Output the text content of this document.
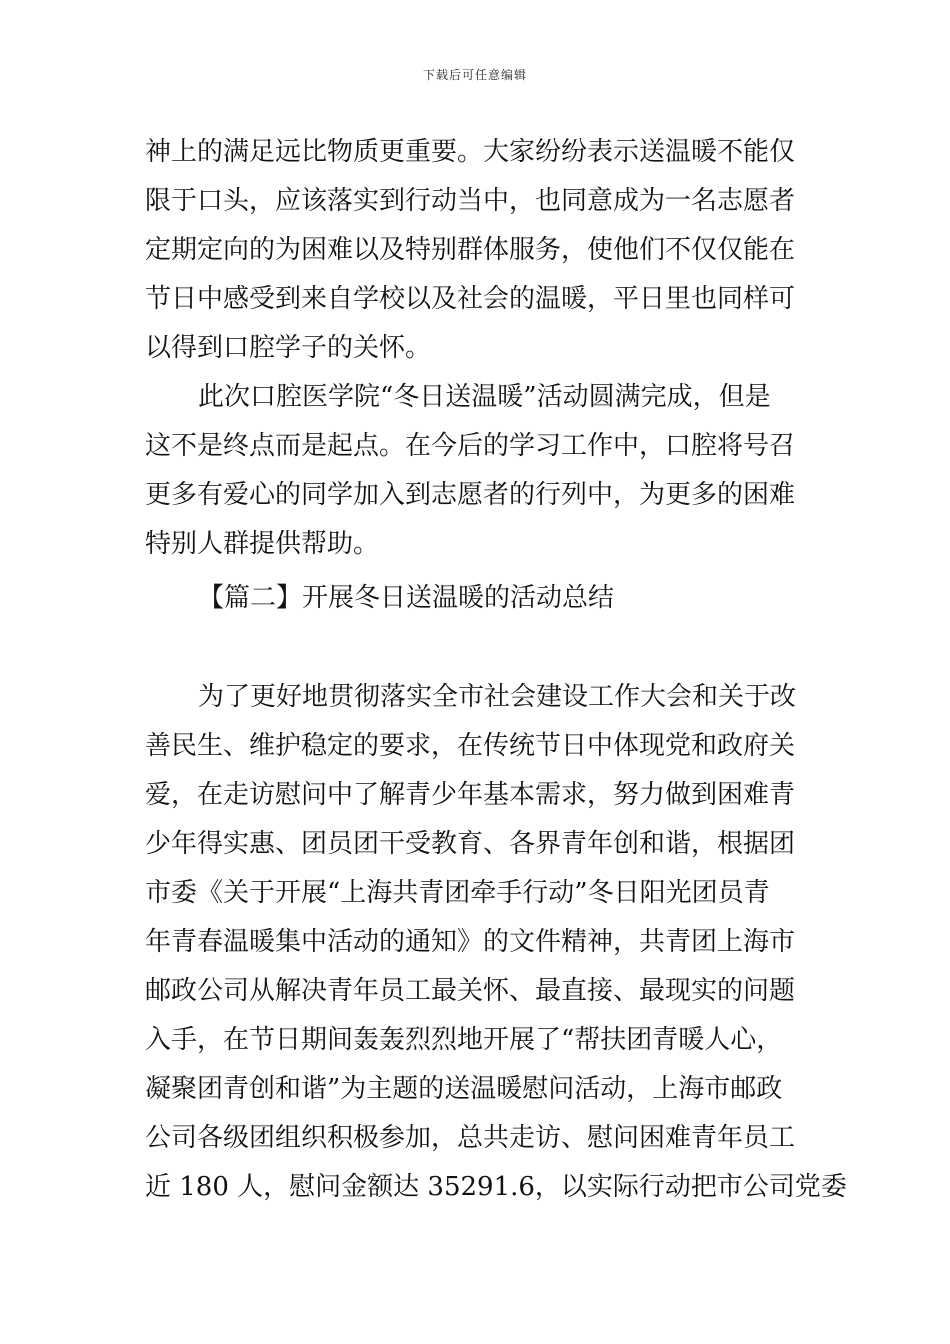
下载后可任意编辑
神上的满足远比物质更重要。大家纷纷表示送温暖不能仅
限于口头，应该落实到行动当中，也同意成为一名志愿者
定期定向的为困难以及特别群体服务，使他们不仅仅能在
节日中感受到来自学校以及社会的温暖，平日里也同样可
以得到口腔学子的关怀。
此次口腔医学院“冬日送温暖”活动圆满完成，但是
这不是终点而是起点。在今后的学习工作中，口腔将号召
更多有爱心的同学加入到志愿者的行列中，为更多的困难
特别人群提供帮助。
【篇二】开展冬日送温暖的活动总结
为了更好地贯彻落实全市社会建设工作大会和关于改
善民生、维护稳定的要求，在传统节日中体现党和政府关
爱，在走访慰问中了解青少年基本需求，努力做到困难青
少年得实惠、团员团干受教育、各界青年创和谐，根据团
市委《关于开展“上海共青团牵手行动”冬日阳光团员青
年青春温暖集中活动的通知》的文件精神，共青团上海市
邮政公司从解决青年员工最关怀、最直接、最现实的问题
入手，在节日期间轰轰烈烈地开展了“帮扶团青暖人心，
凝聚团青创和谐”为主题的送温暖慰问活动，上海市邮政
公司各级团组织积极参加，总共走访、慰问困难青年员工
近 180 人，慰问金额达 35291.6，以实际行动把市公司党委
